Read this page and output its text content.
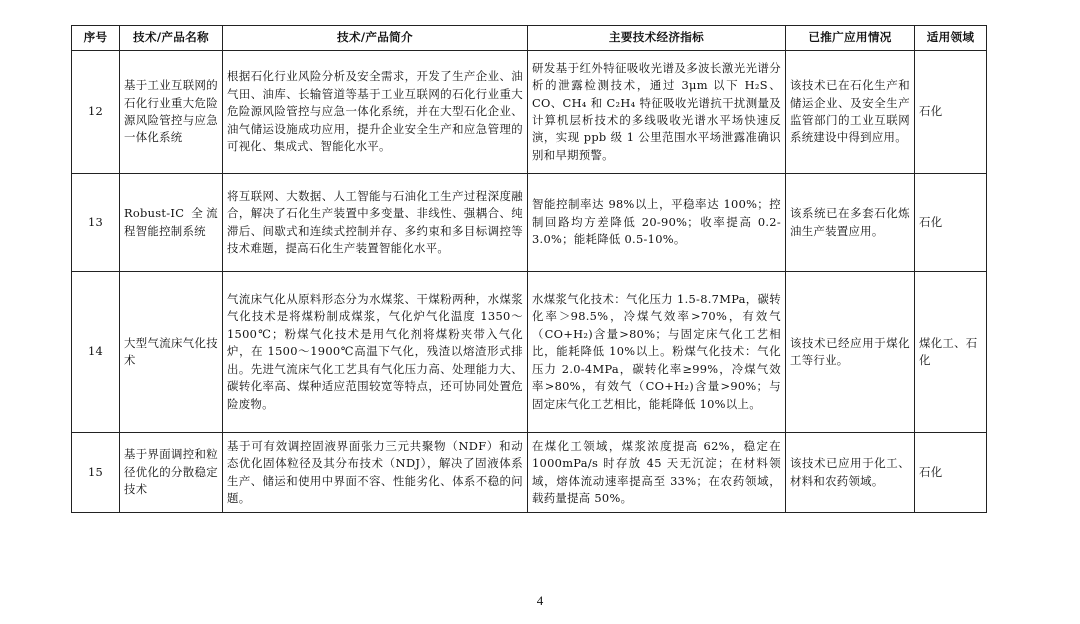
序号	技术/产品名称	技术/产品简介	主要技术经济指标	已推广应用情况	适用领域
12	基于工业互联网的石化行业重大危险源风险管控与应急一体化系统	根据石化行业风险分析及安全需求，开发了生产企业、油气田、油库、长输管道等基于工业互联网的石化行业重大危险源风险管控与应急一体化系统，并在大型石化企业、油气储运设施成功应用，提升企业安全生产和应急管理的可视化、集成式、智能化水平。	研发基于红外特征吸收光谱及多波长激光光谱分析的泄露检测技术，通过 3μm 以下 H₂S、CO、CH₄ 和 C₂H₄ 特征吸收光谱抗干扰测量及计算机层析技术的多线吸收光谱水平场快速反演，实现 ppb 级 1 公里范围水平场泄露准确识别和早期预警。	该技术已在石化生产和储运企业、及安全生产监管部门的工业互联网系统建设中得到应用。	石化
13	Robust-IC 全流程智能控制系统	将互联网、大数据、人工智能与石油化工生产过程深度融合，解决了石化生产装置中多变量、非线性、强耦合、纯滞后、间歇式和连续式控制并存、多约束和多目标调控等技术难题，提高石化生产装置智能化水平。	智能控制率达 98%以上，平稳率达 100%；控制回路均方差降低 20-90%；收率提高 0.2-3.0%；能耗降低 0.5-10%。	该系统已在多套石化炼油生产装置应用。	石化
14	大型气流床气化技术	气流床气化从原料形态分为水煤浆、干煤粉两种，水煤浆气化技术是将煤粉制成煤浆，气化炉气化温度 1350～1500℃；粉煤气化技术是用气化剂将煤粉夹带入气化炉，在 1500～1900℃高温下气化，残渣以熔渣形式排出。先进气流床气化工艺具有气化压力高、处理能力大、碳转化率高、煤种适应范围较宽等特点，还可协同处置危险废物。	水煤浆气化技术：气化压力 1.5-8.7MPa，碳转化率＞98.5%，冷煤气效率>70%，有效气（CO+H₂)含量>80%；与固定床气化工艺相比，能耗降低 10%以上。粉煤气化技术：气化压力 2.0-4MPa，碳转化率≥99%，冷煤气效率>80%，有效气（CO+H₂)含量>90%；与固定床气化工艺相比，能耗降低 10%以上。	该技术已经应用于煤化工等行业。	煤化工、石化
15	基于界面调控和粒径优化的分散稳定技术	基于可有效调控固液界面张力三元共聚物（NDF）和动态优化固体粒径及其分布技术（NDJ），解决了固液体系生产、储运和使用中界面不容、性能劣化、体系不稳的问题。	在煤化工领域，煤浆浓度提高 62%，稳定在 1000mPa/s 时存放 45 天无沉淀；在材料领域，熔体流动速率提高至 33%；在农药领域，载药量提高 50%。	该技术已应用于化工、材料和农药领域。	石化
4
